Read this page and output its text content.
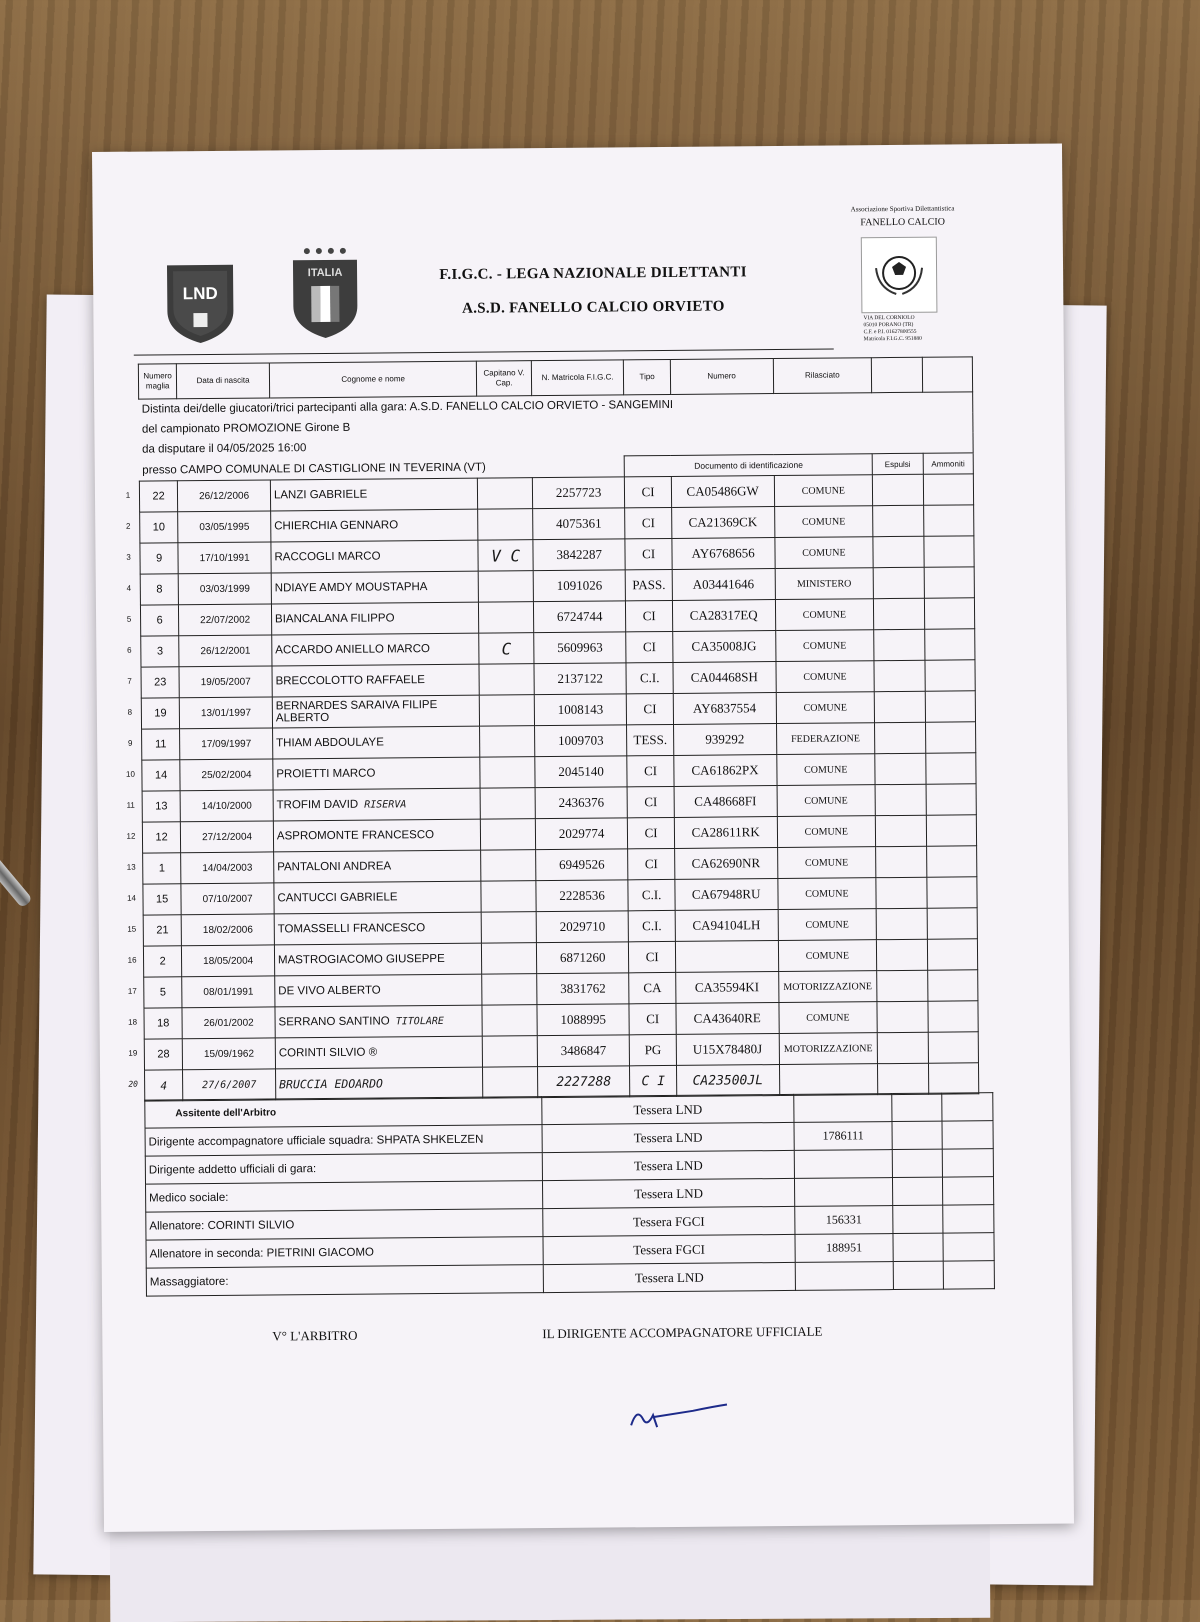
LND
ITALIA	F.I.G.C. - LEGA NAZIONALE DILETTANTI
A.S.D. FANELLO CALCIO ORVIETO
Associazione Sportiva Dilettantistica
FANELLO CALCIO
VIA DEL CORNIOLO
05010 PORANO (TR)
C.F. e P.I. 01627800555
Matricola F.I.G.C. 951880
Distinta dei/delle giucatori/trici partecipanti alla gara: A.S.D. FANELLO CALCIO ORVIETO - SANGEMINI									
del campionato PROMOZIONE Girone B									
da disputare il 04/05/2025 16:00									
presso CAMPO COMUNALE DI CASTIGLIONE IN TEVERINA (VT)					Documento di identificazione			Espulsi	Ammoniti
Numero maglia	Data di nascita	Cognome e nome	Capitano V. Cap.	N. Matricola F.I.G.C.	Tipo	Numero	Rilasciato		

1 22	26/12/2006	LANZI GABRIELE		2257723	CI	CA05486GW	COMUNE		

2 10	03/05/1995	CHIERCHIA GENNARO		4075361	CI	CA21369CK	COMUNE		

3 9	17/10/1991	RACCOGLI MARCO	V C	3842287	CI	AY6768656	COMUNE		

4 8	03/03/1999	NDIAYE AMDY MOUSTAPHA		1091026	PASS.	A03441646	MINISTERO		

5 6	22/07/2002	BIANCALANA FILIPPO		6724744	CI	CA28317EQ	COMUNE		

6 3	26/12/2001	ACCARDO ANIELLO MARCO	C	5609963	CI	CA35008JG	COMUNE		

7 23	19/05/2007	BRECCOLOTTO RAFFAELE		2137122	C.I.	CA04468SH	COMUNE		

8 19	13/01/1997	BERNARDES SARAIVA FILIPE ALBERTO		1008143	CI	AY6837554	COMUNE		

9 11	17/09/1997	THIAM ABDOULAYE		1009703	TESS.	939292	FEDERAZIONE		

10 14	25/02/2004	PROIETTI MARCO		2045140	CI	CA61862PX	COMUNE		

11 13	14/10/2000	TROFIM DAVID RISERVA		2436376	CI	CA48668FI	COMUNE		

12 12	27/12/2004	ASPROMONTE FRANCESCO		2029774	CI	CA28611RK	COMUNE		

13 1	14/04/2003	PANTALONI ANDREA		6949526	CI	CA62690NR	COMUNE		

14 15	07/10/2007	CANTUCCI GABRIELE		2228536	C.I.	CA67948RU	COMUNE		

15 21	18/02/2006	TOMASSELLI FRANCESCO		2029710	C.I.	CA94104LH	COMUNE		

16 2	18/05/2004	MASTROGIACOMO GIUSEPPE		6871260	CI		COMUNE		

17 5	08/01/1991	DE VIVO ALBERTO		3831762	CA	CA35594KI	MOTORIZZAZIONE		

18 18	26/01/2002	SERRANO SANTINO TITOLARE		1088995	CI	CA43640RE	COMUNE		

19 28	15/09/1962	CORINTI SILVIO ®		3486847	PG	U15X78480J	MOTORIZZAZIONE		

20 4	27/6/2007	BRUCCIA EDOARDO		2227288	C I	CA23500JL			
Assitente dell'Arbitro	Tessera LND			
Dirigente accompagnatore ufficiale squadra: SHPATA SHKELZEN	Tessera LND	1786111		
Dirigente addetto ufficiali di gara:	Tessera LND			
Medico sociale:	Tessera LND			
Allenatore: CORINTI SILVIO	Tessera FGCI	156331		
Allenatore in seconda: PIETRINI GIACOMO	Tessera FGCI	188951		
Massaggiatore:	Tessera LND			
V° L'ARBITRO	IL DIRIGENTE ACCOMPAGNATORE UFFICIALE
